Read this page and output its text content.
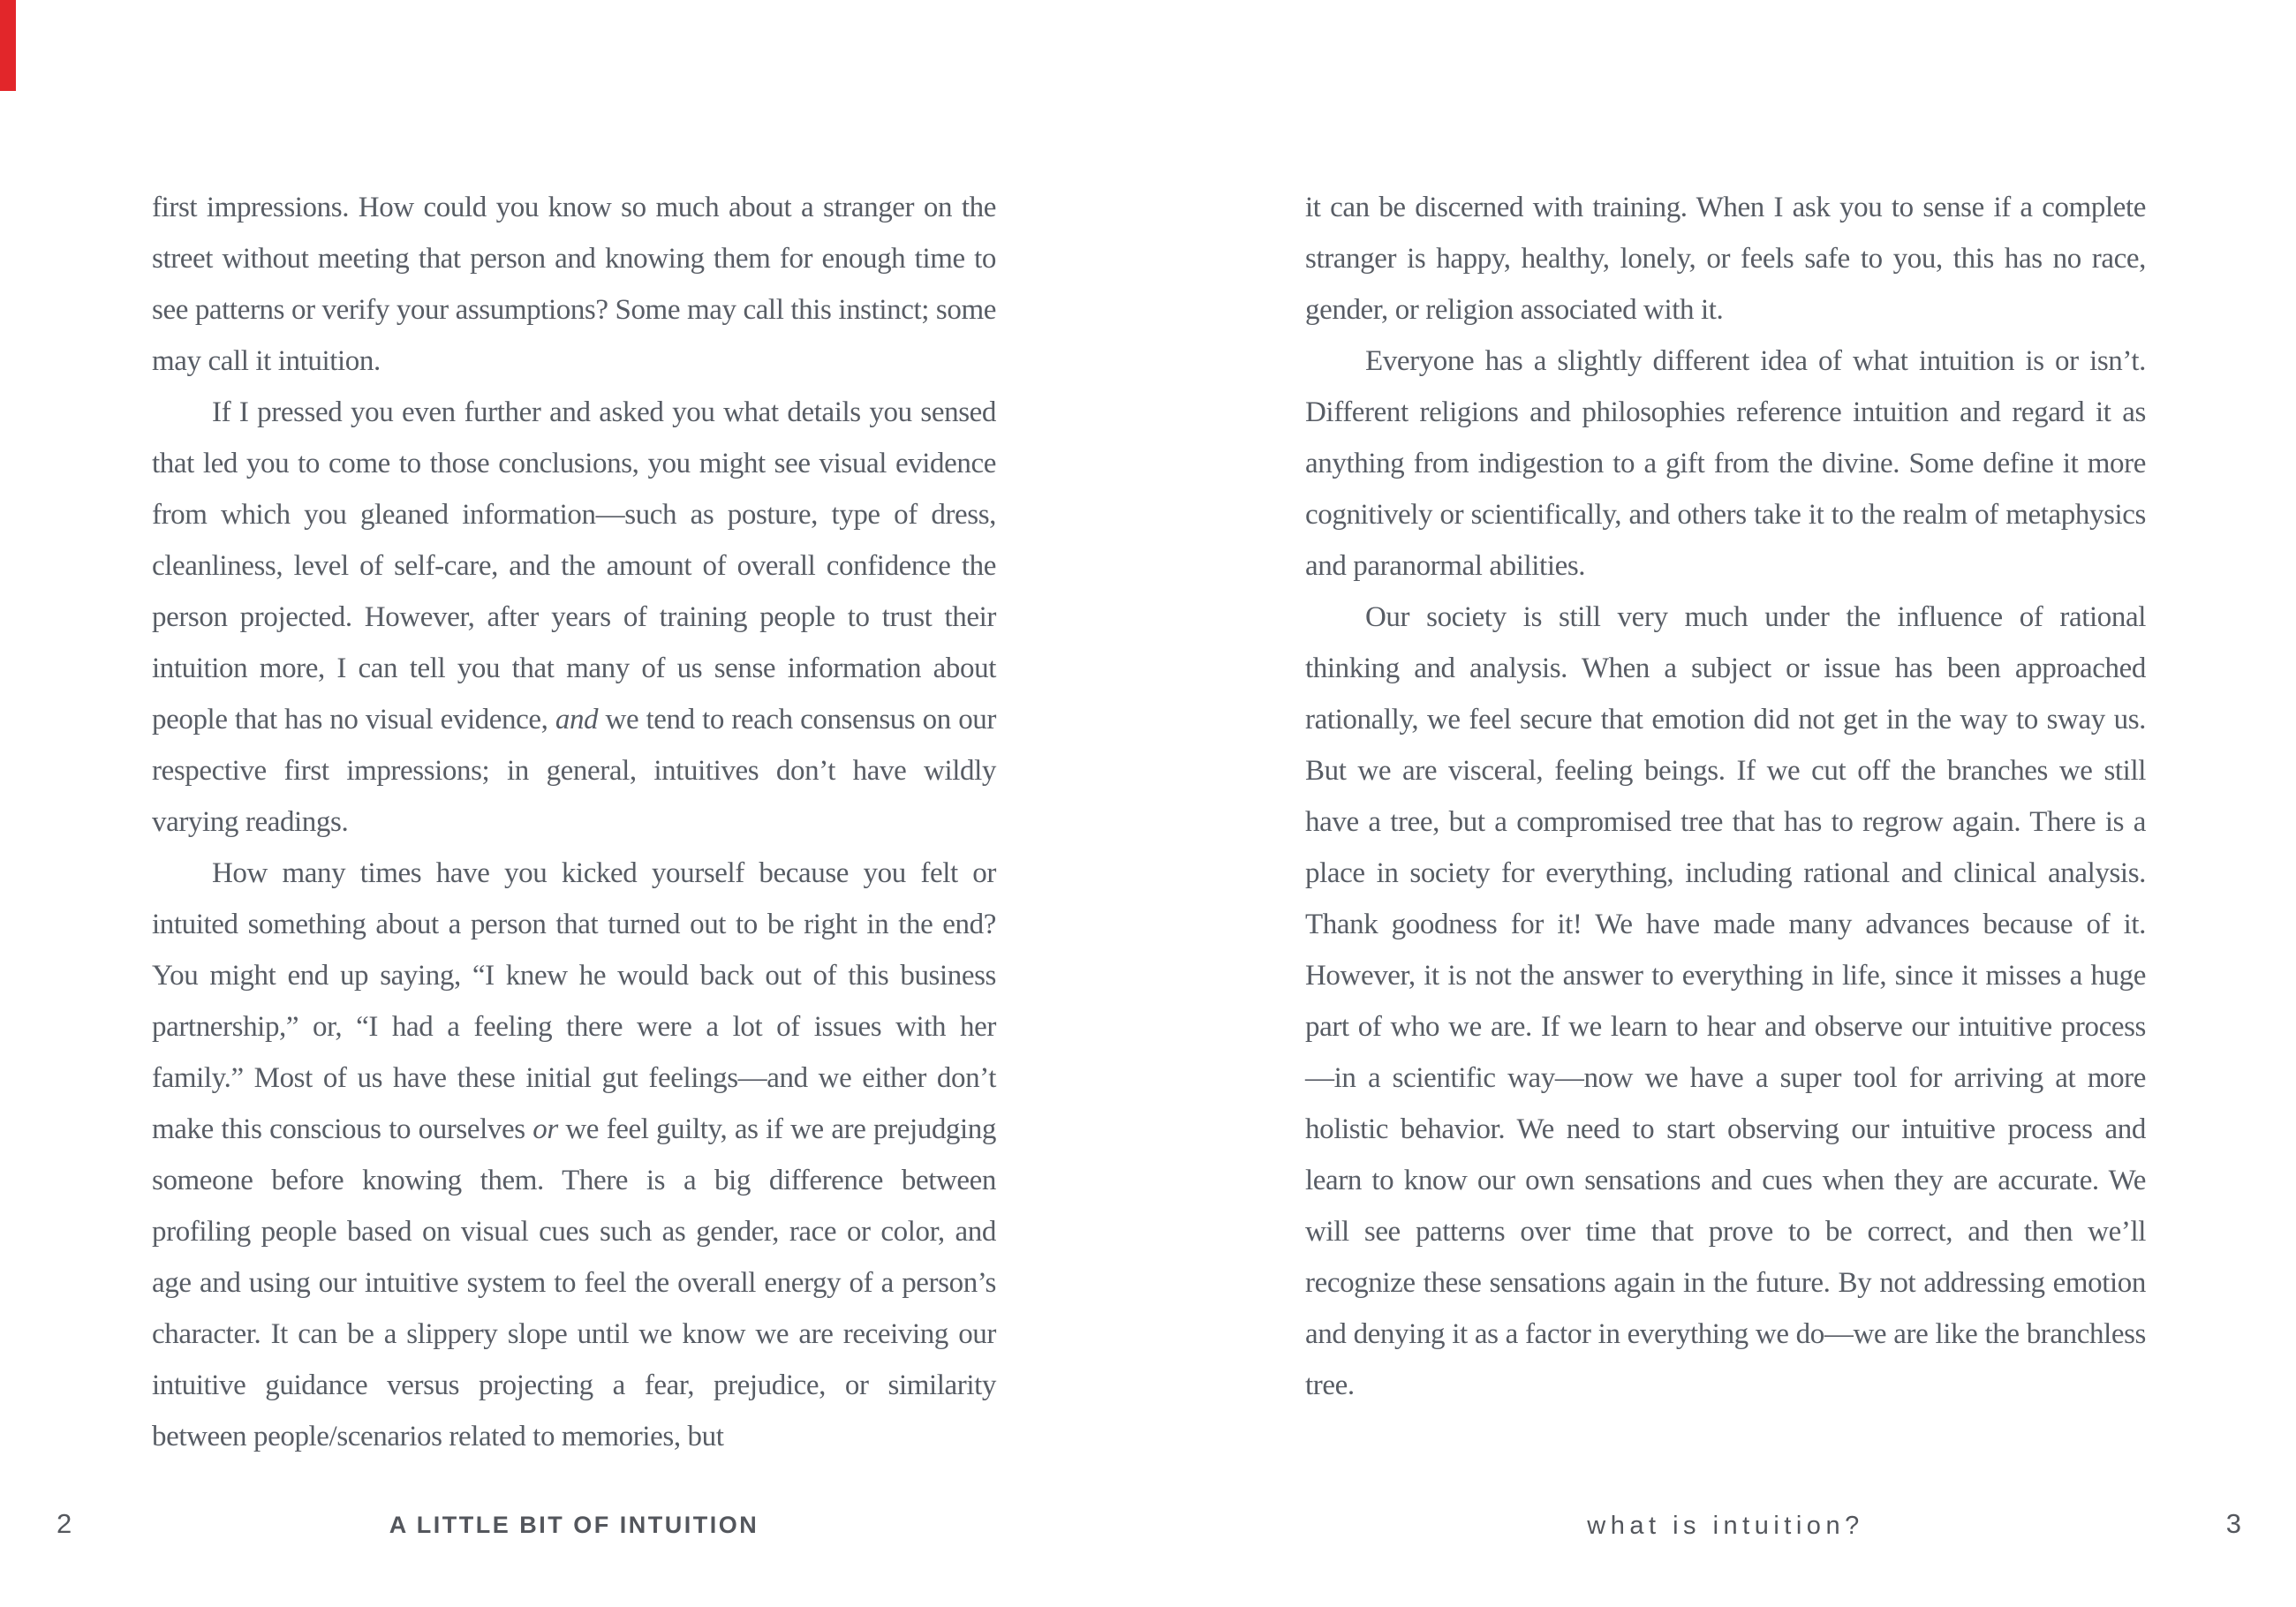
first impressions. How could you know so much about a stranger on the street without meeting that person and knowing them for enough time to see patterns or verify your assumptions? Some may call this instinct; some may call it intuition.

If I pressed you even further and asked you what details you sensed that led you to come to those conclusions, you might see visual evidence from which you gleaned information—such as posture, type of dress, cleanliness, level of self-care, and the amount of overall confidence the person projected. However, after years of training people to trust their intuition more, I can tell you that many of us sense information about people that has no visual evidence, and we tend to reach consensus on our respective first impressions; in general, intuitives don’t have wildly varying readings.

How many times have you kicked yourself because you felt or intuited something about a person that turned out to be right in the end? You might end up saying, “I knew he would back out of this business partnership,” or, “I had a feeling there were a lot of issues with her family.” Most of us have these initial gut feelings—and we either don’t make this conscious to ourselves or we feel guilty, as if we are prejudging someone before knowing them. There is a big difference between profiling people based on visual cues such as gender, race or color, and age and using our intuitive system to feel the overall energy of a person’s character. It can be a slippery slope until we know we are receiving our intuitive guidance versus projecting a fear, prejudice, or similarity between people/scenarios related to memories, but

2	A LITTLE BIT OF INTUITION

it can be discerned with training. When I ask you to sense if a complete stranger is happy, healthy, lonely, or feels safe to you, this has no race, gender, or religion associated with it.

Everyone has a slightly different idea of what intuition is or isn’t. Different religions and philosophies reference intuition and regard it as anything from indigestion to a gift from the divine. Some define it more cognitively or scientifically, and others take it to the realm of metaphysics and paranormal abilities.

Our society is still very much under the influence of rational thinking and analysis. When a subject or issue has been approached rationally, we feel secure that emotion did not get in the way to sway us. But we are visceral, feeling beings. If we cut off the branches we still have a tree, but a compromised tree that has to regrow again. There is a place in society for everything, including rational and clinical analysis. Thank goodness for it! We have made many advances because of it. However, it is not the answer to everything in life, since it misses a huge part of who we are. If we learn to hear and observe our intuitive process—in a scientific way—now we have a super tool for arriving at more holistic behavior. We need to start observing our intuitive process and learn to know our own sensations and cues when they are accurate. We will see patterns over time that prove to be correct, and then we’ll recognize these sensations again in the future. By not addressing emotion and denying it as a factor in everything we do—we are like the branchless tree.

what is intuition?	3
